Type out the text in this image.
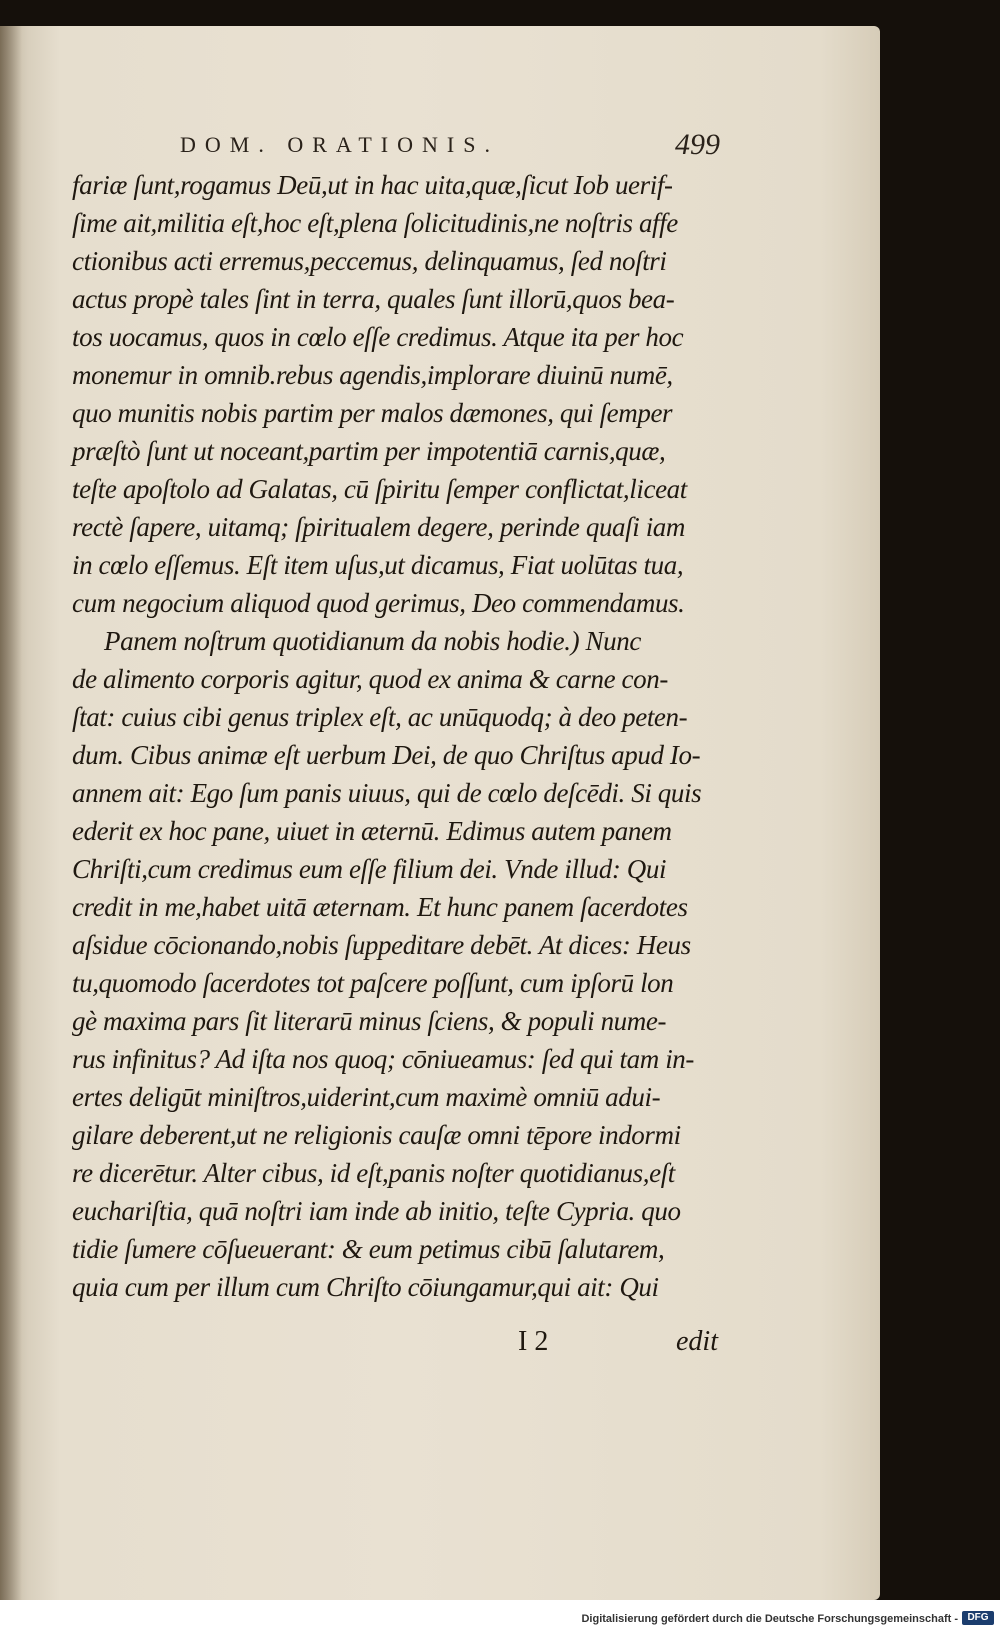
DOM. ORATIONIS.	499
fariæ ſunt,rogamus Deū,ut in hac uita,quæ,ſicut Iob uerif-
ſime ait,militia eſt,hoc eſt,plena ſolicitudinis,ne noſtris affe
ctionibus acti erremus,peccemus, delinquamus, ſed noſtri
actus propè tales ſint in terra, quales ſunt illorū,quos bea-
tos uocamus, quos in cœlo eſſe credimus. Atque ita per hoc
monemur in omnib.rebus agendis,implorare diuinū numē,
quo munitis nobis partim per malos dæmones, qui ſemper
præſtò ſunt ut noceant,partim per impotentiā carnis,quæ,
teſte apoſtolo ad Galatas, cū ſpiritu ſemper conflictat,liceat
rectè ſapere, uitamq; ſpiritualem degere, perinde quaſi iam
in cœlo eſſemus. Eſt item uſus,ut dicamus, Fiat uolūtas tua,
cum negocium aliquod quod gerimus, Deo commendamus.
Panem noſtrum quotidianum da nobis hodie.) Nunc
de alimento corporis agitur, quod ex anima & carne con-
ſtat: cuius cibi genus triplex eſt, ac unūquodq; à deo peten-
dum. Cibus animæ eſt uerbum Dei, de quo Chriſtus apud Io-
annem ait: Ego ſum panis uiuus, qui de cœlo deſcēdi. Si quis
ederit ex hoc pane, uiuet in æternū. Edimus autem panem
Chriſti,cum credimus eum eſſe filium dei. Vnde illud: Qui
credit in me,habet uitā æternam. Et hunc panem ſacerdotes
aſsidue cōcionando,nobis ſuppeditare debēt. At dices: Heus
tu,quomodo ſacerdotes tot paſcere poſſunt, cum ipſorū lon
gè maxima pars ſit literarū minus ſciens, & populi nume-
rus infinitus? Ad iſta nos quoq; cōniueamus: ſed qui tam in-
ertes deligūt miniſtros,uiderint,cum maximè omniū adui-
gilare deberent,ut ne religionis cauſæ omni tēpore indormi
re dicerētur. Alter cibus, id eſt,panis noſter quotidianus,eſt
euchariſtia, quā noſtri iam inde ab initio, teſte Cypria. quo
tidie ſumere cōſueuerant: & eum petimus cibū ſalutarem,
quia cum per illum cum Chriſto cōiungamur,qui ait: Qui
I 2	edit
Digitalisierung gefördert durch die Deutsche Forschungsgemeinschaft - DFG
